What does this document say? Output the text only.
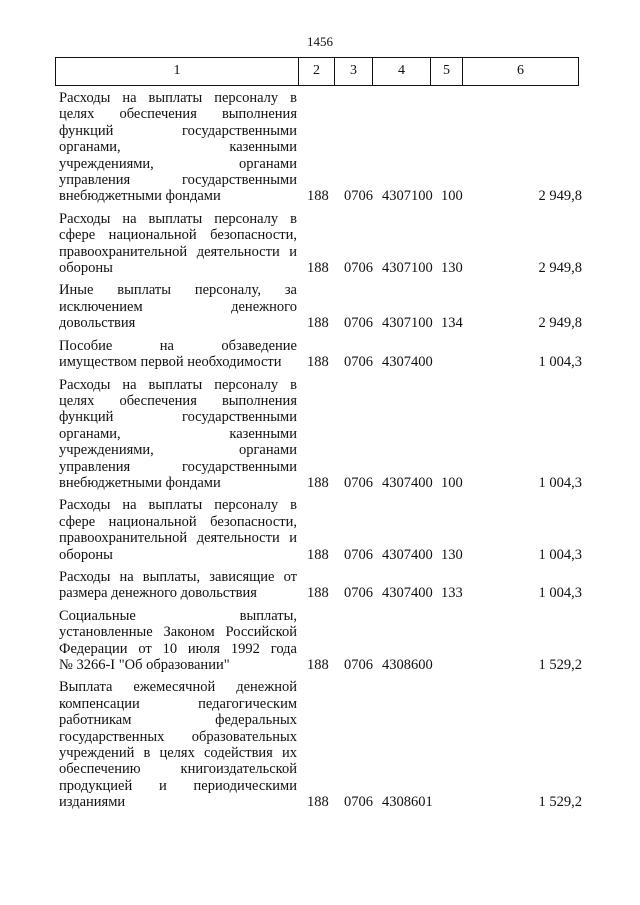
1456
1	2	3	4	5	6
Расходы на выплаты персоналу в
целях обеспечения выполнения
функций государственными
органами, казенными
учреждениями, органами
управления государственными
внебюджетными фондами	188 0706 4307100 100	2 949,8
Расходы на выплаты персоналу в
сфере национальной безопасности,
правоохранительной деятельности и
обороны	188 0706 4307100 130	2 949,8
Иные выплаты персоналу, за
исключением денежного
довольствия	188 0706 4307100 134	2 949,8
Пособие на обзаведение
имуществом первой необходимости	188 0706 4307400	1 004,3
Расходы на выплаты персоналу в
целях обеспечения выполнения
функций государственными
органами, казенными
учреждениями, органами
управления государственными
внебюджетными фондами	188 0706 4307400 100	1 004,3
Расходы на выплаты персоналу в
сфере национальной безопасности,
правоохранительной деятельности и
обороны	188 0706 4307400 130	1 004,3
Расходы на выплаты, зависящие от
размера денежного довольствия	188 0706 4307400 133	1 004,3
Социальные выплаты,
установленные Законом Российской
Федерации от 10 июля 1992 года
№ 3266-I "Об образовании"	188 0706 4308600	1 529,2
Выплата ежемесячной денежной
компенсации педагогическим
работникам федеральных
государственных образовательных
учреждений в целях содействия их
обеспечению книгоиздательской
продукцией и периодическими
изданиями	188 0706 4308601	1 529,2
